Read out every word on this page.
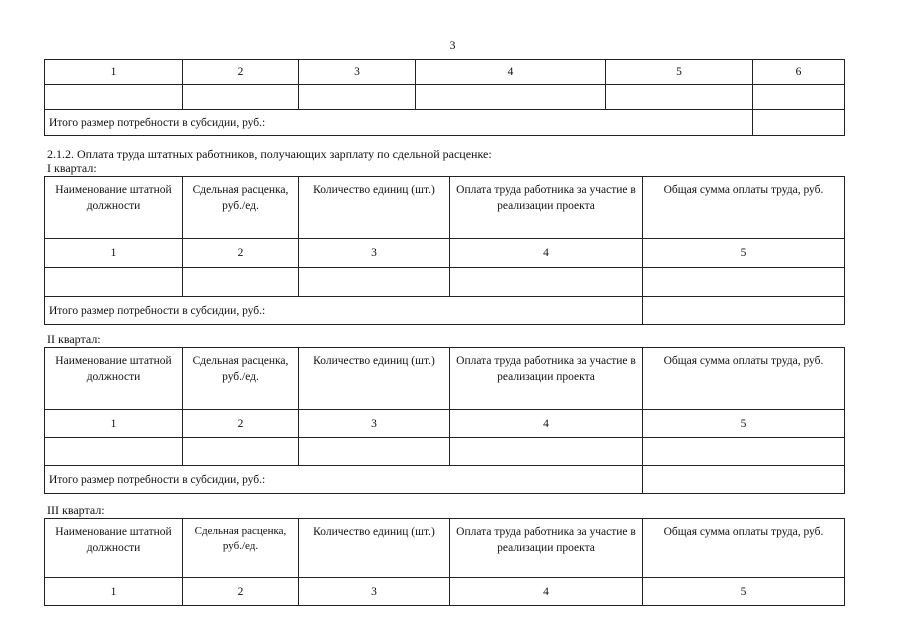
3
1	2	3	4	5	6

Итого размер потребности в субсидии, руб.:					
2.1.2. Оплата труда штатных работников, получающих зарплату по сдельной расценке:
I квартал:
Наименование штатной должности	Сдельная расценка, руб./ед.	Количество единиц (шт.)	Оплата труда работника за участие в реализации проекта	Общая сумма оплаты труда, руб.
1	2	3	4	5

Итого размер потребности в субсидии, руб.:				
II квартал:
Наименование штатной должности	Сдельная расценка, руб./ед.	Количество единиц (шт.)	Оплата труда работника за участие в реализации проекта	Общая сумма оплаты труда, руб.
1	2	3	4	5

Итого размер потребности в субсидии, руб.:				
III квартал:
Наименование штатной должности	Сдельная расценка, руб./ед.	Количество единиц (шт.)	Оплата труда работника за участие в реализации проекта	Общая сумма оплаты труда, руб.
1	2	3	4	5
